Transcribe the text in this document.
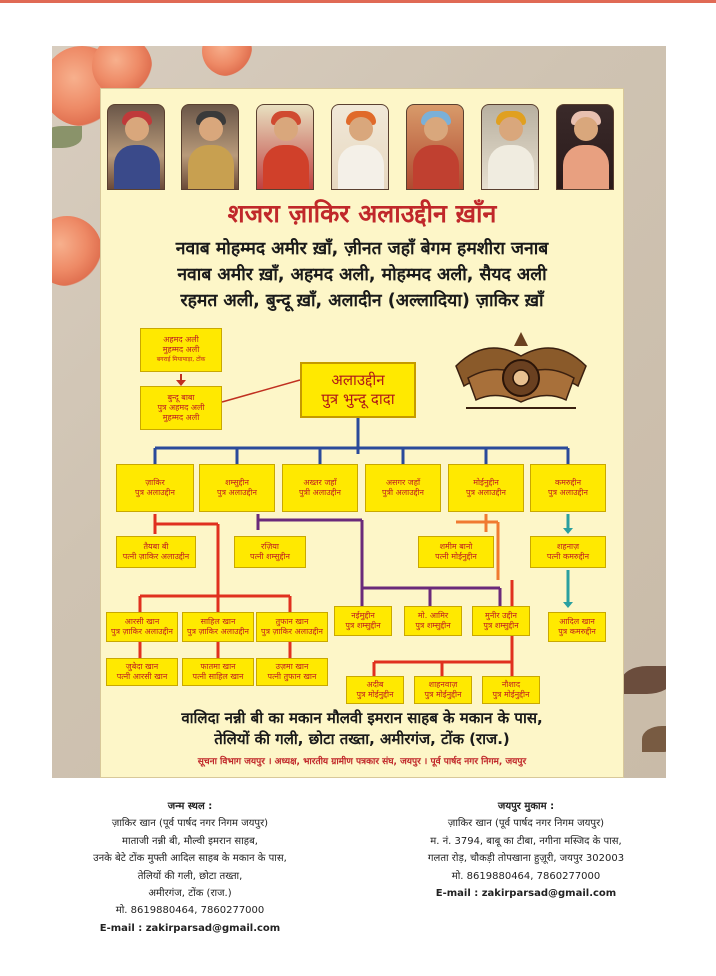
शजरा ज़ाकिर अलाउद्दीन ख़ाँन
नवाब मोहम्मद अमीर ख़ाँ, ज़ीनत जहाँ बेगम हमशीरा जनाब
नवाब अमीर ख़ाँ, अहमद अली, मोहम्मद अली, सैयद अली
रहमत अली, बुन्दू ख़ाँ, अलादीन (अल्लादिया) ज़ाकिर ख़ाँ
अहमद अली
मुहम्मद अली
बगराई मियापाड़ा, टोंक
बुन्दू बाबा
पुत्र अहमद अली
मुहम्मद अली
अलाउद्दीन
पुत्र भुन्दू दादा
ज़ाकिर
पुत्र अलाउद्दीन
शम्सुद्दीन
पुत्र अलाउद्दीन
अख्तर जहाँ
पुत्री अलाउद्दीन
असगर जहाँ
पुत्री अलाउद्दीन
मोईनुद्दीन
पुत्र अलाउद्दीन
कमरुद्दीन
पुत्र अलाउद्दीन
तैयबा बी
पत्नी ज़ाकिर अलाउद्दीन
रज़िया
पत्नी शम्सुद्दीन
शमीम बानो
पत्नी मोईनुद्दीन
शहनाज़
पत्नी कमरुद्दीन
आरसी खान
पुत्र ज़ाकिर अलाउद्दीन
साहिल खान
पुत्र ज़ाकिर अलाउद्दीन
तुफान खान
पुत्र ज़ाकिर अलाउद्दीन
नईमुद्दीन
पुत्र शम्सुद्दीन
मो. आमिर
पुत्र शम्सुद्दीन
मुनीर उद्दीन
पुत्र शम्सुद्दीन	आदिल खान
पुत्र कमरुद्दीन
जुबेदा खान
पत्नी आरसी खान
फातमा खान
पत्नी साहिल खान
उज़मा खान
पत्नी तुफान खान
अदीब
पुत्र मोईनुद्दीन
शाहनवाज़
पुत्र मोईनुद्दीन
नौशाद
पुत्र मोईनुद्दीन
वालिदा नन्नी बी का मकान मौलवी इमरान साहब के मकान के पास,
तेलियों की गली, छोटा तख्ता, अमीरगंज, टोंक (राज.)
सूचना विभाग जयपुर । अध्यक्ष, भारतीय ग्रामीण पत्रकार संघ, जयपुर । पूर्व पार्षद नगर निगम, जयपुर
जन्म स्थल :
ज़ाकिर खान (पूर्व पार्षद नगर निगम जयपुर)
माताजी नन्नी बी, मौल्वी इमरान साहब,
उनके बेटे टोंक मुफ्ती आदिल साहब के मकान के पास,
तेलियों की गली, छोटा तख्ता,
अमीरगंज, टोंक (राज.)
मो. 8619880464, 7860277000
E-mail : zakirparsad@gmail.com
जयपुर मुकाम :
ज़ाकिर खान (पूर्व पार्षद नगर निगम जयपुर)
म. नं. 3794, बाबू का टीबा, नगीना मस्जिद के पास,
गलता रोड़, चौकड़ी तोपखाना हुज़ूरी, जयपुर 302003
मो. 8619880464, 7860277000
E-mail : zakirparsad@gmail.com
